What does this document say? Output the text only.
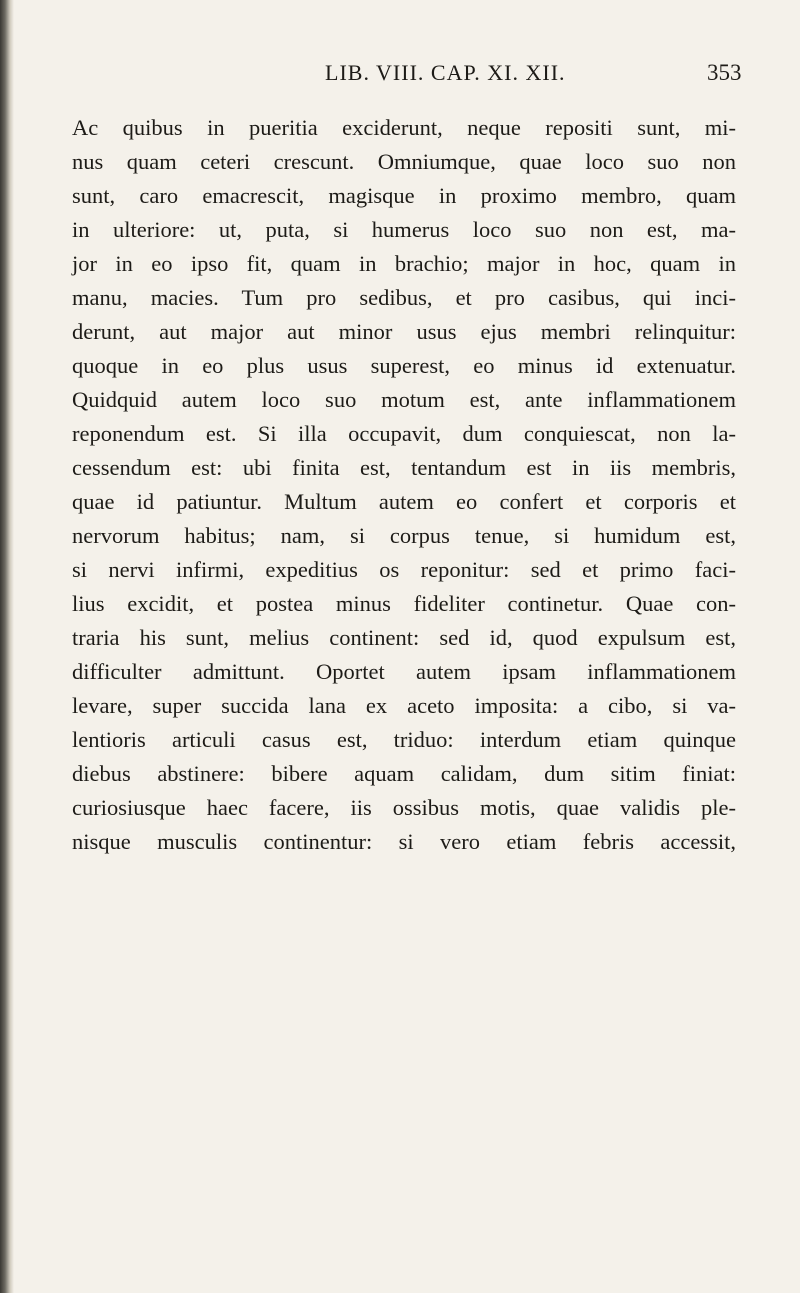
LIB. VIII. CAP. XI. XII.	353
Ac quibus in pueritia exciderunt, neque repositi sunt, mi-
nus quam ceteri crescunt. Omniumque, quae loco suo non
sunt, caro emacrescit, magisque in proximo membro, quam
in ulteriore: ut, puta, si humerus loco suo non est, ma-
jor in eo ipso fit, quam in brachio; major in hoc, quam in
manu, macies. Tum pro sedibus, et pro casibus, qui inci-
derunt, aut major aut minor usus ejus membri relinquitur:
quoque in eo plus usus superest, eo minus id extenuatur.
Quidquid autem loco suo motum est, ante inflammationem
reponendum est. Si illa occupavit, dum conquiescat, non la-
cessendum est: ubi finita est, tentandum est in iis membris,
quae id patiuntur. Multum autem eo confert et corporis et
nervorum habitus; nam, si corpus tenue, si humidum est,
si nervi infirmi, expeditius os reponitur: sed et primo faci-
lius excidit, et postea minus fideliter continetur. Quae con-
traria his sunt, melius continent: sed id, quod expulsum est,
difficulter admittunt. Oportet autem ipsam inflammationem
levare, super succida lana ex aceto imposita: a cibo, si va-
lentioris articuli casus est, triduo: interdum etiam quinque
diebus abstinere: bibere aquam calidam, dum sitim finiat:
curiosiusque haec facere, iis ossibus motis, quae validis ple-
nisque musculis continentur: si vero etiam febris accessit,
